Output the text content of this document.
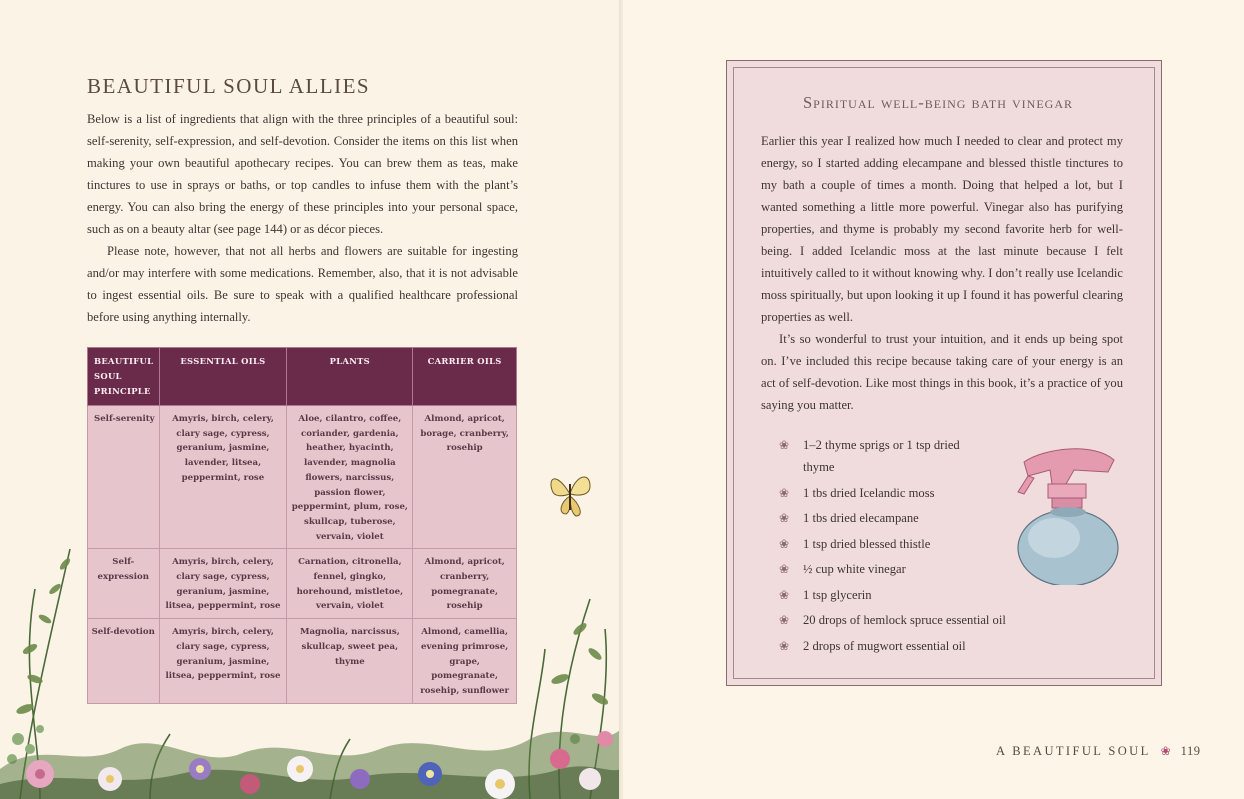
BEAUTIFUL SOUL ALLIES
Below is a list of ingredients that align with the three principles of a beautiful soul: self-serenity, self-expression, and self-devotion. Consider the items on this list when making your own beautiful apothecary recipes. You can brew them as teas, make tinctures to use in sprays or baths, or top candles to infuse them with the plant’s energy. You can also bring the energy of these principles into your personal space, such as on a beauty altar (see page 144) or as décor pieces.
Please note, however, that not all herbs and flowers are suitable for ingesting and/or may interfere with some medications. Remember, also, that it is not advisable to ingest essential oils. Be sure to speak with a qualified healthcare professional before using anything internally.
BEAUTIFUL SOUL PRINCIPLE	ESSENTIAL OILS	PLANTS	CARRIER OILS
Self-serenity	Amyris, birch, celery, clary sage, cypress, geranium, jasmine, lavender, litsea, peppermint, rose	Aloe, cilantro, coffee, coriander, gardenia, heather, hyacinth, lavender, magnolia flowers, narcissus, passion flower, peppermint, plum, rose, skullcap, tuberose, vervain, violet	Almond, apricot, borage, cranberry, rosehip
Self-expression	Amyris, birch, celery, clary sage, cypress, geranium, jasmine, litsea, peppermint, rose	Carnation, citronella, fennel, gingko, horehound, mistletoe, vervain, violet	Almond, apricot, cranberry, pomegranate, rosehip
Self-devotion	Amyris, birch, celery, clary sage, cypress, geranium, jasmine, litsea, peppermint, rose	Magnolia, narcissus, skullcap, sweet pea, thyme	Almond, camellia, evening primrose, grape, pomegranate, rosehip, sunflower
Spiritual well-being bath vinegar
Earlier this year I realized how much I needed to clear and protect my energy, so I started adding elecampane and blessed thistle tinctures to my bath a couple of times a month. Doing that helped a lot, but I wanted something a little more powerful. Vinegar also has purifying properties, and thyme is probably my second favorite herb for well-being. I added Icelandic moss at the last minute because I felt intuitively called to it without knowing why. I don’t really use Icelandic moss spiritually, but upon looking it up I found it has powerful clearing properties as well.
It’s so wonderful to trust your intuition, and it ends up being spot on. I’ve included this recipe because taking care of your energy is an act of self-devotion. Like most things in this book, it’s a practice of you saying you matter.
❀ 1–2 thyme sprigs or 1 tsp dried thyme
❀ 1 tbs dried Icelandic moss
❀ 1 tbs dried elecampane
❀ 1 tsp dried blessed thistle
❀ ½ cup white vinegar
❀ 1 tsp glycerin
❀ 20 drops of hemlock spruce essential oil
❀ 2 drops of mugwort essential oil
A BEAUTIFUL SOUL ❀ 119
